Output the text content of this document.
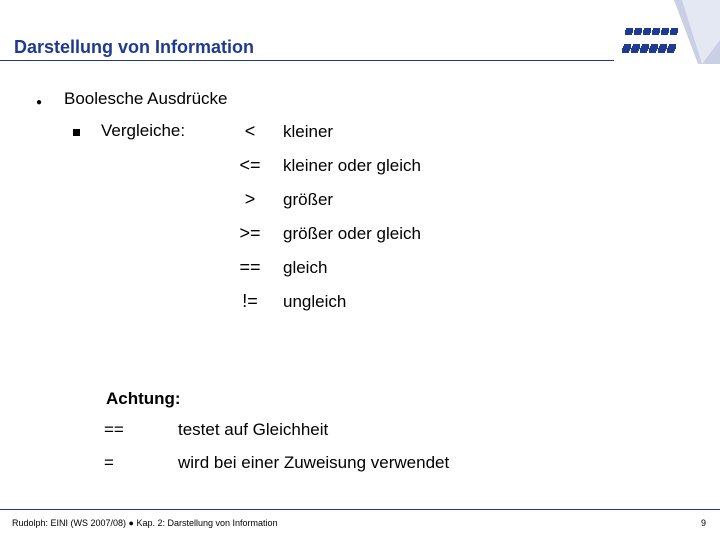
Darstellung von Information
● Boolesche Ausdrücke
Vergleiche:	<	kleiner
<=	kleiner oder gleich
>	größer
>=	größer oder gleich
==	gleich
!=	ungleich
Achtung:
==	testet auf Gleichheit
=	wird bei einer Zuweisung verwendet
Rudolph: EINI (WS 2007/08) ● Kap. 2: Darstellung von Information	9
